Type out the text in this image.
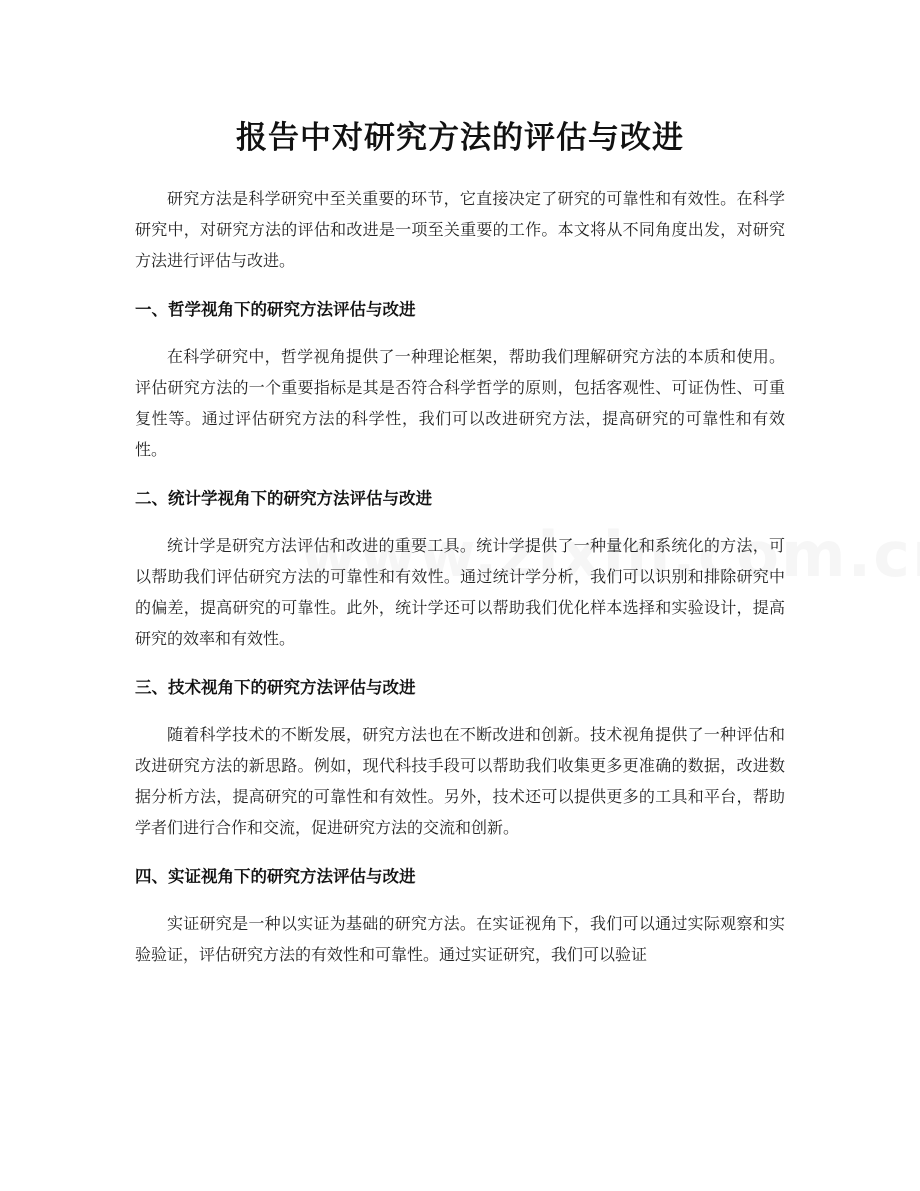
报告中对研究方法的评估与改进

研究方法是科学研究中至关重要的环节，它直接决定了研究的可靠性和有效性。在科学研究中，对研究方法的评估和改进是一项至关重要的工作。本文将从不同角度出发，对研究方法进行评估与改进。

一、哲学视角下的研究方法评估与改进

在科学研究中，哲学视角提供了一种理论框架，帮助我们理解研究方法的本质和使用。评估研究方法的一个重要指标是其是否符合科学哲学的原则，包括客观性、可证伪性、可重复性等。通过评估研究方法的科学性，我们可以改进研究方法，提高研究的可靠性和有效性。

二、统计学视角下的研究方法评估与改进

统计学是研究方法评估和改进的重要工具。统计学提供了一种量化和系统化的方法，可以帮助我们评估研究方法的可靠性和有效性。通过统计学分析，我们可以识别和排除研究中的偏差，提高研究的可靠性。此外，统计学还可以帮助我们优化样本选择和实验设计，提高研究的效率和有效性。

三、技术视角下的研究方法评估与改进

随着科学技术的不断发展，研究方法也在不断改进和创新。技术视角提供了一种评估和改进研究方法的新思路。例如，现代科技手段可以帮助我们收集更多更准确的数据，改进数据分析方法，提高研究的可靠性和有效性。另外，技术还可以提供更多的工具和平台，帮助学者们进行合作和交流，促进研究方法的交流和创新。

四、实证视角下的研究方法评估与改进

实证研究是一种以实证为基础的研究方法。在实证视角下，我们可以通过实际观察和实验验证，评估研究方法的有效性和可靠性。通过实证研究，我们可以验证
